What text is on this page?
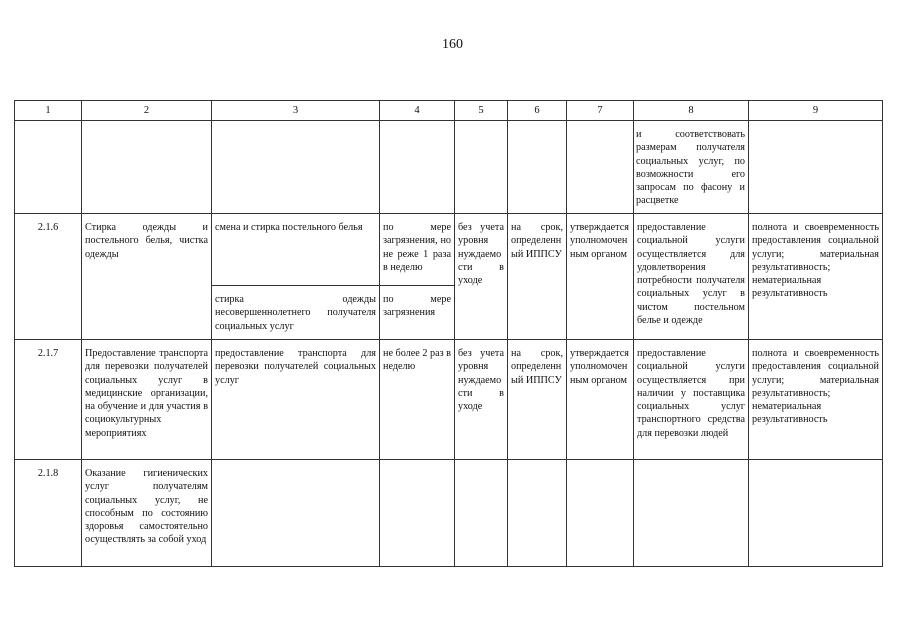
160
1	2	3	4	5	6	7	8	9
							и соответствовать размерам получателя социальных услуг, по возможности его запросам по фасону и расцветке	
2.1.6	Стирка одежды и постельного белья, чистка одежды	смена и стирка постельного белья	по мере загрязнения, но не реже 1 раза в неделю	без учета уровня нуждаемости в уходе	на срок, определенный ИППСУ	утверждается уполномоченным органом	предоставление социальной услуги осуществляется для удовлетворения потребности получателя социальных услуг в чистом постельном белье и одежде	полнота и своевременность предоставления социальной услуги; материальная результативность; нематериальная результативность
		стирка одежды несовершеннолетнего получателя социальных услуг	по мере загрязнения					
2.1.7	Предоставление транспорта для перевозки получателей социальных услуг в медицинские организации, на обучение и для участия в социокультурных мероприятиях	предоставление транспорта для перевозки получателей социальных услуг	не более 2 раз в неделю	без учета уровня нуждаемости в уходе	на срок, определенный ИППСУ	утверждается уполномоченным органом	предоставление социальной услуги осуществляется при наличии у поставщика социальных услуг транспортного средства для перевозки людей	полнота и своевременность предоставления социальной услуги; материальная результативность; нематериальная результативность
2.1.8	Оказание гигиенических услуг получателям социальных услуг, не способным по состоянию здоровья самостоятельно осуществлять за собой уход							
